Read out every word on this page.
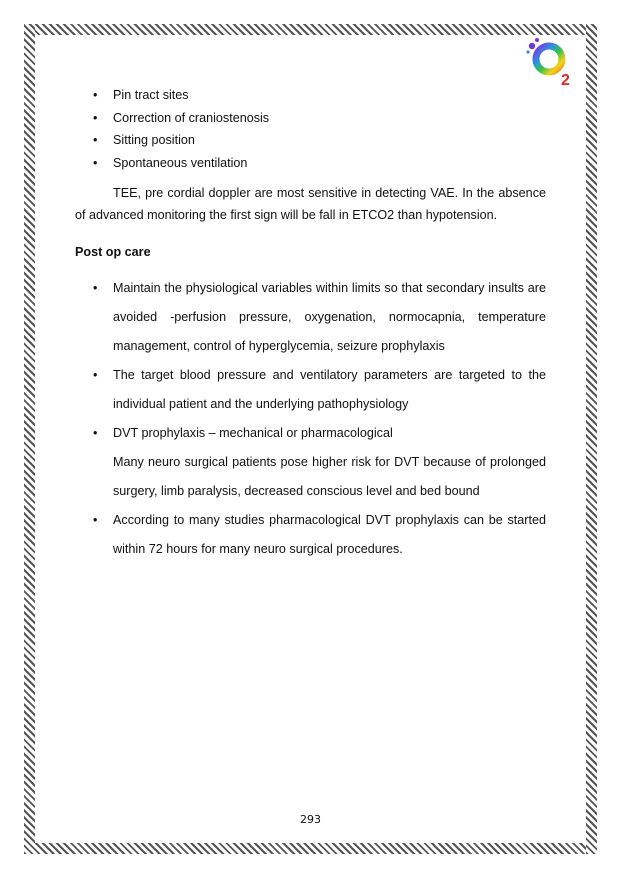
2
• Pin tract sites
• Correction of craniostenosis
• Sitting position
• Spontaneous ventilation

TEE, pre cordial doppler are most sensitive in detecting VAE. In the absence of advanced monitoring the first sign will be fall in ETCO2 than hypotension.

Post op care

• Maintain the physiological variables within limits so that secondary insults are avoided -perfusion pressure, oxygenation, normocapnia, temperature management, control of hyperglycemia, seizure prophylaxis
• The target blood pressure and ventilatory parameters are targeted to the individual patient and the underlying pathophysiology
• DVT prophylaxis – mechanical or pharmacological
Many neuro surgical patients pose higher risk for DVT because of prolonged surgery, limb paralysis, decreased conscious level and bed bound
• According to many studies pharmacological DVT prophylaxis can be started within 72 hours for many neuro surgical procedures.
293
